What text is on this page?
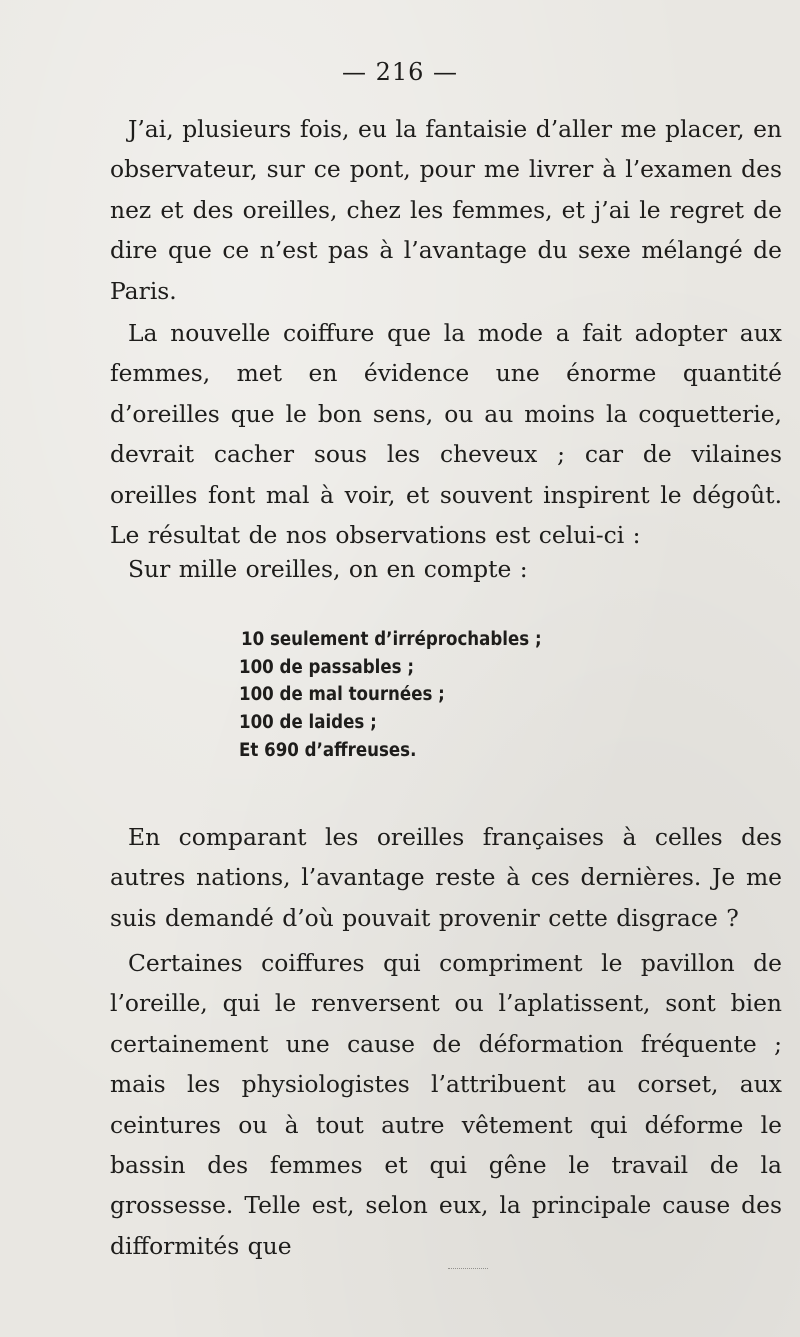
— 216 —

J’ai, plusieurs fois, eu la fantaisie d’aller me placer, en observateur, sur ce pont, pour me livrer à l’examen des nez et des oreilles, chez les femmes, et j’ai le regret de dire que ce n’est pas à l’avantage du sexe mélangé de Paris.

La nouvelle coiffure que la mode a fait adopter aux femmes, met en évidence une énorme quantité d’oreilles que le bon sens, ou au moins la coquetterie, devrait cacher sous les cheveux ; car de vilaines oreilles font mal à voir, et souvent inspirent le dégoût. Le résultat de nos observations est celui-ci :

Sur mille oreilles, on en compte :

10 seulement d’irréprochables ;
100 de passables ;
100 de mal tournées ;
100 de laides ;
Et 690 d’affreuses.

En comparant les oreilles françaises à celles des autres nations, l’avantage reste à ces dernières. Je me suis demandé d’où pouvait provenir cette disgrace ?

Certaines coiffures qui compriment le pavillon de l’oreille, qui le renversent ou l’aplatissent, sont bien certainement une cause de déformation fréquente ; mais les physiologistes l’attribuent au corset, aux ceintures ou à tout autre vêtement qui déforme le bassin des femmes et qui gêne le travail de la grossesse. Telle est, selon eux, la principale cause des difformités que
